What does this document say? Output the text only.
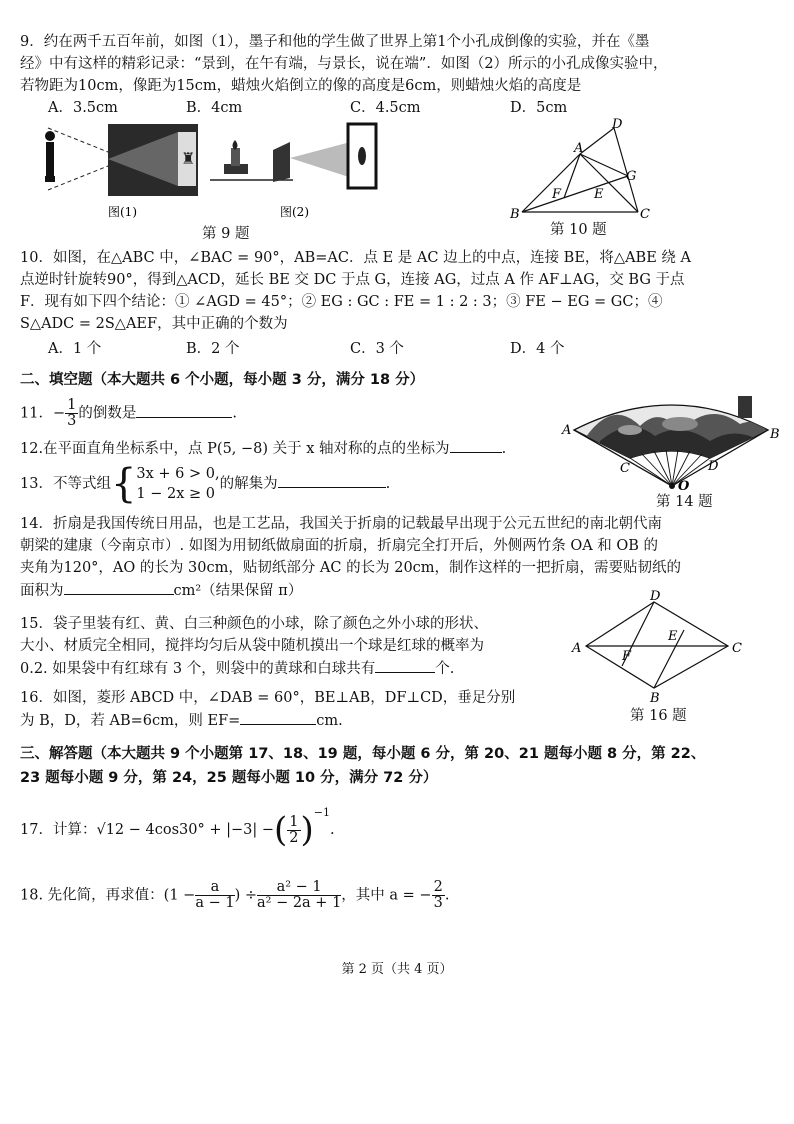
9．约在两千五百年前，如图（1），墨子和他的学生做了世界上第1个小孔成倒像的实验，并在《墨
经》中有这样的精彩记录：“景到，在午有端，与景长，说在端”．如图（2）所示的小孔成像实验中，
若物距为10cm，像距为15cm，蜡烛火焰倒立的像的高度是6cm，则蜡烛火焰的高度是
A．3.5cm	B．4cm	C．4.5cm	D．5cm
♜
图(1)	图(2)
第 9 题
A
B	C
D
E
F
G
第 10 题
10．如图，在△ABC 中，∠BAC = 90°，AB=AC．点 E 是 AC 边上的中点，连接 BE，将△ABE 绕 A
点逆时针旋转90°，得到△ACD，延长 BE 交 DC 于点 G，连接 AG，过点 A 作 AF⊥AG，交 BG 于点
F．现有如下四个结论：① ∠AGD = 45°；② EG : GC : FE = 1 : 2 : 3；③ FE − EG = GC；④
S△ADC = 2S△AEF，其中正确的个数为
A．1 个	B．2 个	C．3 个	D．4 个
二、填空题（本大题共 6 个小题，每小题 3 分，满分 18 分）
11．− $\frac{1}{3}$ 的倒数是	.
12.在平面直角坐标系中，点 P(5, −8) 关于 x 轴对称的点的坐标为	.
13．不等式组{ 3x + 6 > 0,
1 − 2x ≥ 0
的解集为	.
A	B
C	D
O
第 14 题
14．折扇是我国传统日用品，也是工艺品，我国关于折扇的记载最早出现于公元五世纪的南北朝代南
朝梁的建康（今南京市）. 如图为用韧纸做扇面的折扇，折扇完全打开后，外侧两竹条 OA 和 OB 的
夹角为120°，AO 的长为 30cm，贴韧纸部分 AC 的长为 20cm，制作这样的一把折扇，需要贴韧纸的
面积为	cm²（结果保留 π）
15．袋子里装有红、黄、白三种颜色的小球，除了颜色之外小球的形状、
大小、材质完全相同，搅拌均匀后从袋中随机摸出一个球是红球的概率为
0.2. 如果袋中有红球有 3 个，则袋中的黄球和白球共有	个.
A
B
C
D
E
F
第 16 题
16．如图，菱形 ABCD 中，∠DAB = 60°，BE⊥AB，DF⊥CD，垂足分别
为 B，D，若 AB=6cm，则 EF=	cm.
三、解答题（本大题共 9 个小题第 17、18、19 题，每小题 6 分，第 20、21 题每小题 8 分，第 22、
23 题每小题 9 分，第 24，25 题每小题 10 分，满分 72 分）
17．计算：√12 − 4cos30° + |−3| −( $\frac{1}{2} )^{-1}$.
18. 先化简，再求值：($1 - \frac{a}{a - 1}$ ) ÷ $\frac{\text{a² − 1}}{\text{a² − 2a + 1}}$ ，其中 a = − $\frac{2}{3}$ .
第 2 页（共 4 页）
